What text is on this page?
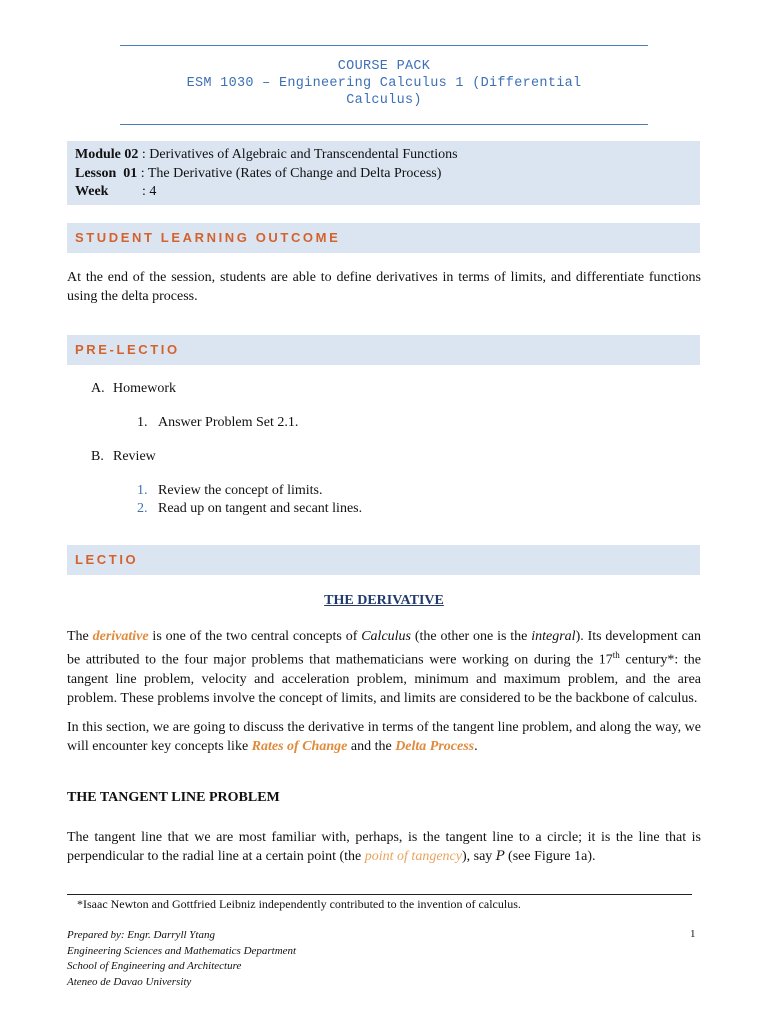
COURSE PACK
ESM 1030 – Engineering Calculus 1 (Differential
Calculus)
Module 02 : Derivatives of Algebraic and Transcendental Functions
Lesson  01 : The Derivative (Rates of Change and Delta Process)
Week : 4
STUDENT LEARNING OUTCOME
At the end of the session, students are able to define derivatives in terms of limits, and differentiate functions using the delta process.
PRE-LECTIO
A. Homework
1. Answer Problem Set 2.1.
B. Review
1. Review the concept of limits.
2. Read up on tangent and secant lines.
LECTIO
THE DERIVATIVE
The derivative is one of the two central concepts of Calculus (the other one is the integral). Its development can be attributed to the four major problems that mathematicians were working on during the 17th century*: the tangent line problem, velocity and acceleration problem, minimum and maximum problem, and the area problem. These problems involve the concept of limits, and limits are considered to be the backbone of calculus.
In this section, we are going to discuss the derivative in terms of the tangent line problem, and along the way, we will encounter key concepts like Rates of Change and the Delta Process.
THE TANGENT LINE PROBLEM
The tangent line that we are most familiar with, perhaps, is the tangent line to a circle; it is the line that is perpendicular to the radial line at a certain point (the point of tangency), say P (see Figure 1a).
*Isaac Newton and Gottfried Leibniz independently contributed to the invention of calculus.
Prepared by: Engr. Darryll Ytang
Engineering Sciences and Mathematics Department
School of Engineering and Architecture
Ateneo de Davao University
1
